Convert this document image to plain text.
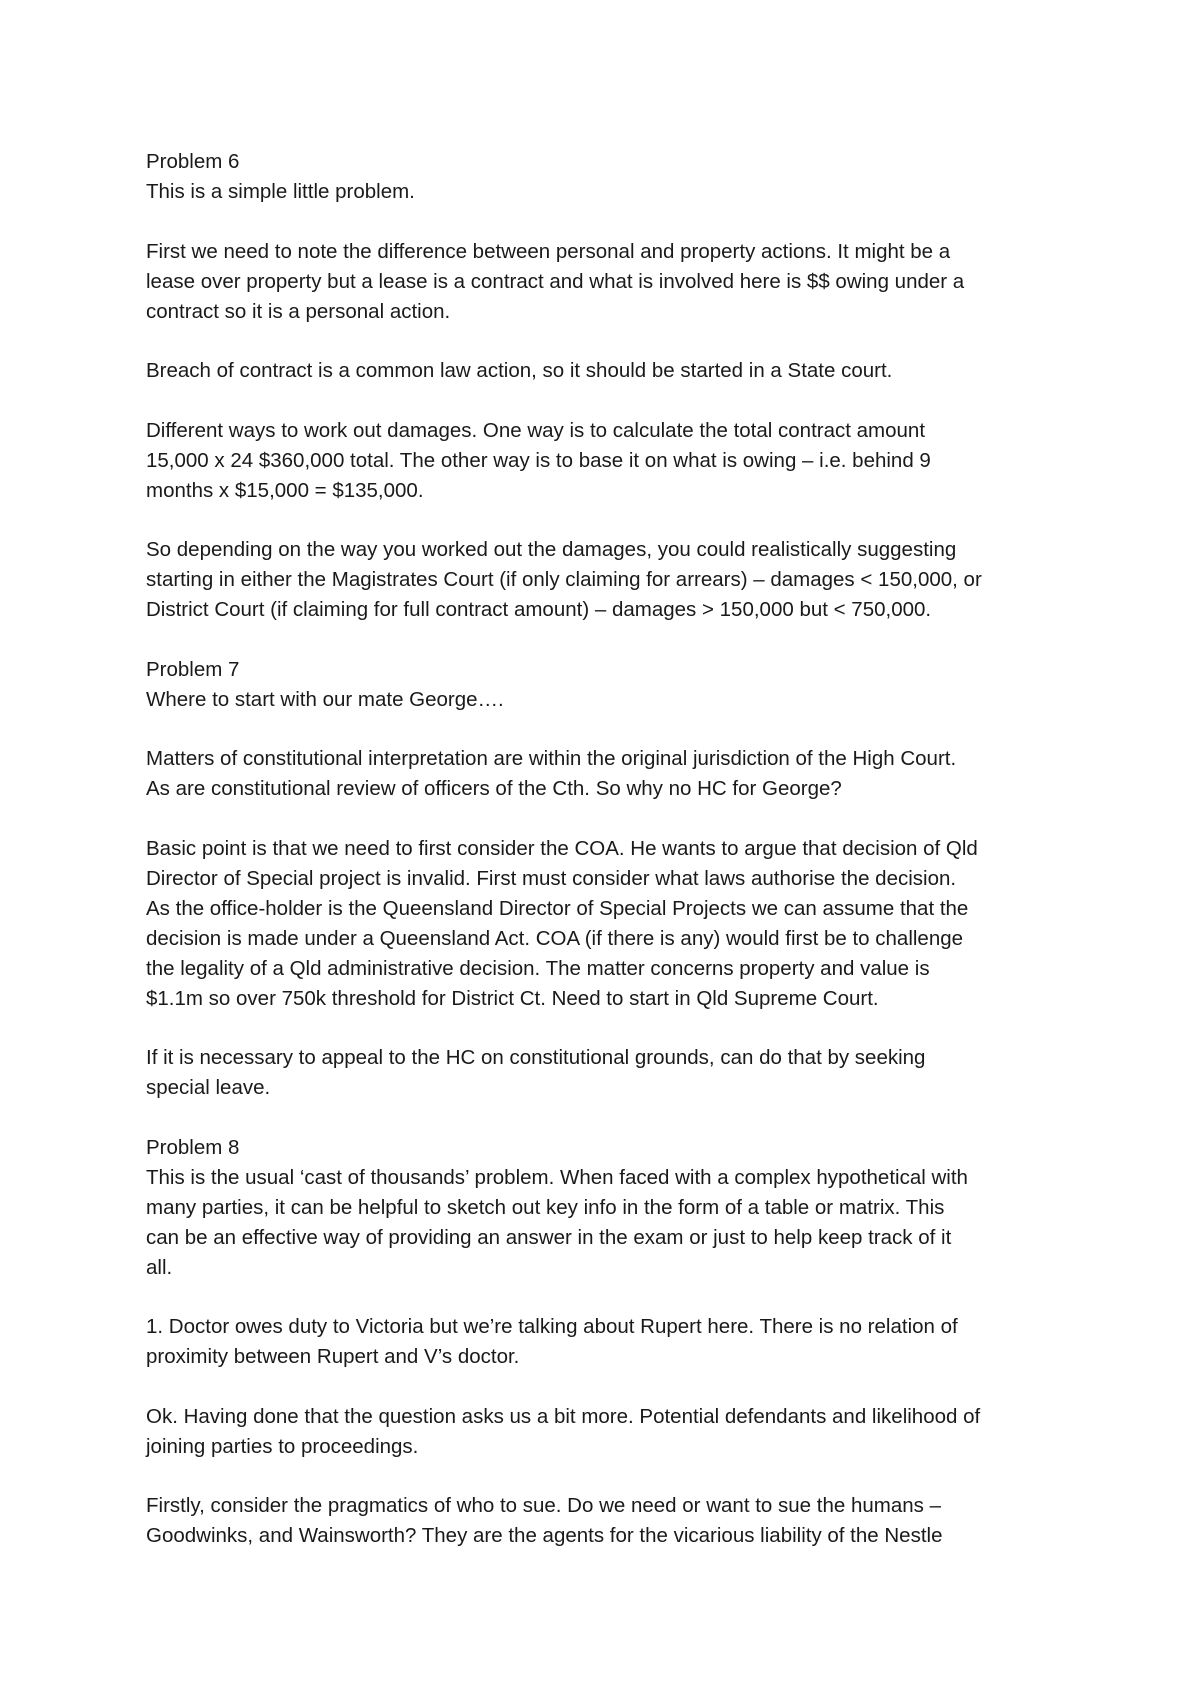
Problem 6
This is a simple little problem.
First we need to note the difference between personal and property actions. It might be a
lease over property but a lease is a contract and what is involved here is $$ owing under a
contract so it is a personal action.
Breach of contract is a common law action, so it should be started in a State court.
Different ways to work out damages. One way is to calculate the total contract amount
15,000 x 24 $360,000 total. The other way is to base it on what is owing – i.e. behind 9
months x $15,000 = $135,000.
So depending on the way you worked out the damages, you could realistically suggesting
starting in either the Magistrates Court (if only claiming for arrears) – damages < 150,000, or
District Court (if claiming for full contract amount) – damages > 150,000 but < 750,000.
Problem 7
Where to start with our mate George….
Matters of constitutional interpretation are within the original jurisdiction of the High Court.
As are constitutional review of officers of the Cth. So why no HC for George?
Basic point is that we need to first consider the COA. He wants to argue that decision of Qld
Director of Special project is invalid. First must consider what laws authorise the decision.
As the office-holder is the Queensland Director of Special Projects we can assume that the
decision is made under a Queensland Act. COA (if there is any) would first be to challenge
the legality of a Qld administrative decision. The matter concerns property and value is
$1.1m so over 750k threshold for District Ct. Need to start in Qld Supreme Court.
If it is necessary to appeal to the HC on constitutional grounds, can do that by seeking
special leave.
Problem 8
This is the usual ‘cast of thousands’ problem. When faced with a complex hypothetical with
many parties, it can be helpful to sketch out key info in the form of a table or matrix. This
can be an effective way of providing an answer in the exam or just to help keep track of it
all.
1. Doctor owes duty to Victoria but we’re talking about Rupert here. There is no relation of
proximity between Rupert and V’s doctor.
Ok. Having done that the question asks us a bit more. Potential defendants and likelihood of
joining parties to proceedings.
Firstly, consider the pragmatics of who to sue. Do we need or want to sue the humans –
Goodwinks, and Wainsworth? They are the agents for the vicarious liability of the Nestle
